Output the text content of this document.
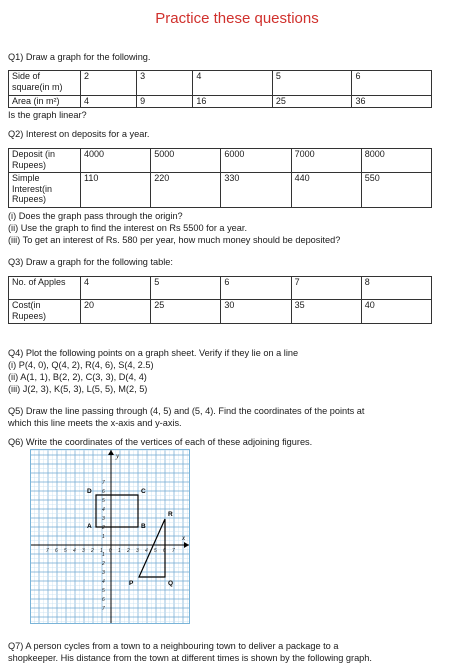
Practice these questions
Q1) Draw a graph for the following.
Side of square(in m)	2	3	4	5	6
Area (in m²)	4	9	16	25	36
Is the graph linear?
Q2) Interest on deposits for a year.
Deposit (in Rupees)	4000	5000	6000	7000	8000
Simple Interest(in Rupees)	110	220	330	440	550
(i) Does the graph pass through the origin?
(ii) Use the graph to find the interest on Rs 5500 for a year.
(iii) To get an interest of Rs. 580 per year, how much money should be deposited?
Q3) Draw a graph for the following table:
No. of Apples	4	5	6	7	8
Cost(in Rupees)	20	25	30	35	40
Q4) Plot the following points on a graph sheet. Verify if they lie on a line
(i) P(4, 0), Q(4, 2), R(4, 6), S(4, 2.5)
(ii) A(1, 1), B(2, 2), C(3, 3), D(4, 4)
(iii) J(2, 3), K(5, 3), L(5, 5), M(2, 5)
Q5) Draw the line passing through (4, 5) and (5, 4). Find the coordinates of the points at
which this line meets the x-axis and y-axis.
Q6) Write the coordinates of the vertices of each of these adjoining figures.
x
y
7 6 5 4 3 2 1 0 1 2 3 4 5 6 7
7
6
5
4
3
2
1
1
2
3
4
5
6
7
D	C
A	B
R
P	Q
Q7) A person cycles from a town to a neighbouring town to deliver a package to a
shopkeeper. His distance from the town at different times is shown by the following graph.
